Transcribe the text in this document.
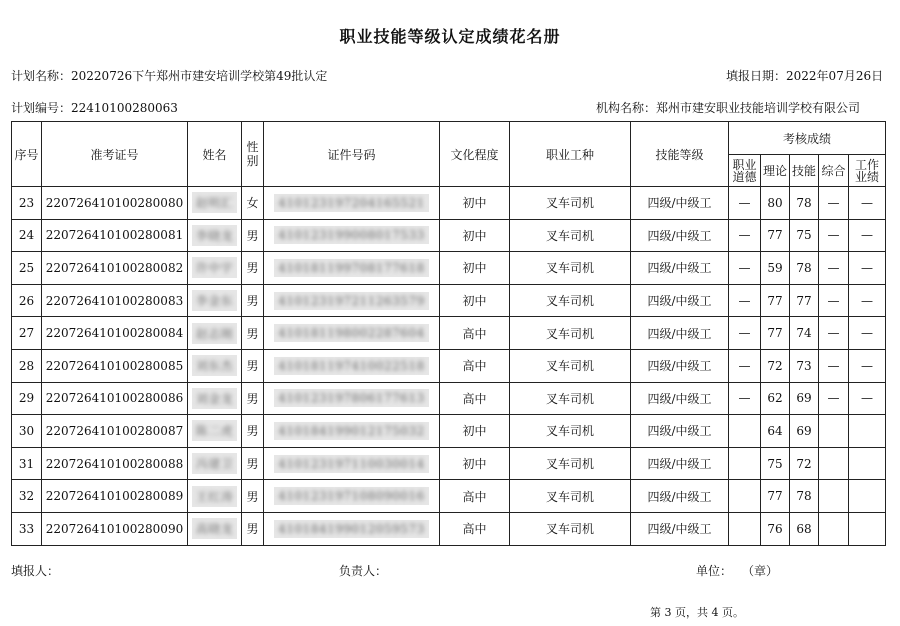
职业技能等级认定成绩花名册
计划名称：20220726下午郑州市建安培训学校第49批认定	填报日期：2022年07月26日
计划编号：22410100280063	机构名称：郑州市建安职业技能培训学校有限公司
序号	准考证号	姓名	性别	证件号码	文化程度	职业工种	技能等级	考核成绩				
								职业道德	理论	技能	综合	工作业绩
23	220726410100280080	赵明汇	女	410123197204165521	初中	叉车司机	四级/中级工	—	80	78	—	—
24	220726410100280081	李晓龙	男	410123199008017533	初中	叉车司机	四级/中级工	—	77	75	—	—
25	220726410100280082	许中宇	男	410181199708177618	初中	叉车司机	四级/中级工	—	59	78	—	—
26	220726410100280083	李金东	男	410123197211263579	初中	叉车司机	四级/中级工	—	77	77	—	—
27	220726410100280084	赵志刚	男	410181198002287604	高中	叉车司机	四级/中级工	—	77	74	—	—
28	220726410100280085	刘东杰	男	410181197410022518	高中	叉车司机	四级/中级工	—	72	73	—	—
29	220726410100280086	刘金龙	男	410123197806177613	高中	叉车司机	四级/中级工	—	62	69	—	—
30	220726410100280087	陈二虎	男	410184199012175032	初中	叉车司机	四级/中级工		64	69		
31	220726410100280088	冯建卫	男	410123197110030014	初中	叉车司机	四级/中级工		75	72		
32	220726410100280089	王红涛	男	410123197108090016	高中	叉车司机	四级/中级工		77	78		
33	220726410100280090	高晓龙	男	410184199012059573	高中	叉车司机	四级/中级工		76	68		
填报人：	负责人：	单位： （章）
第 3 页，共 4 页。
